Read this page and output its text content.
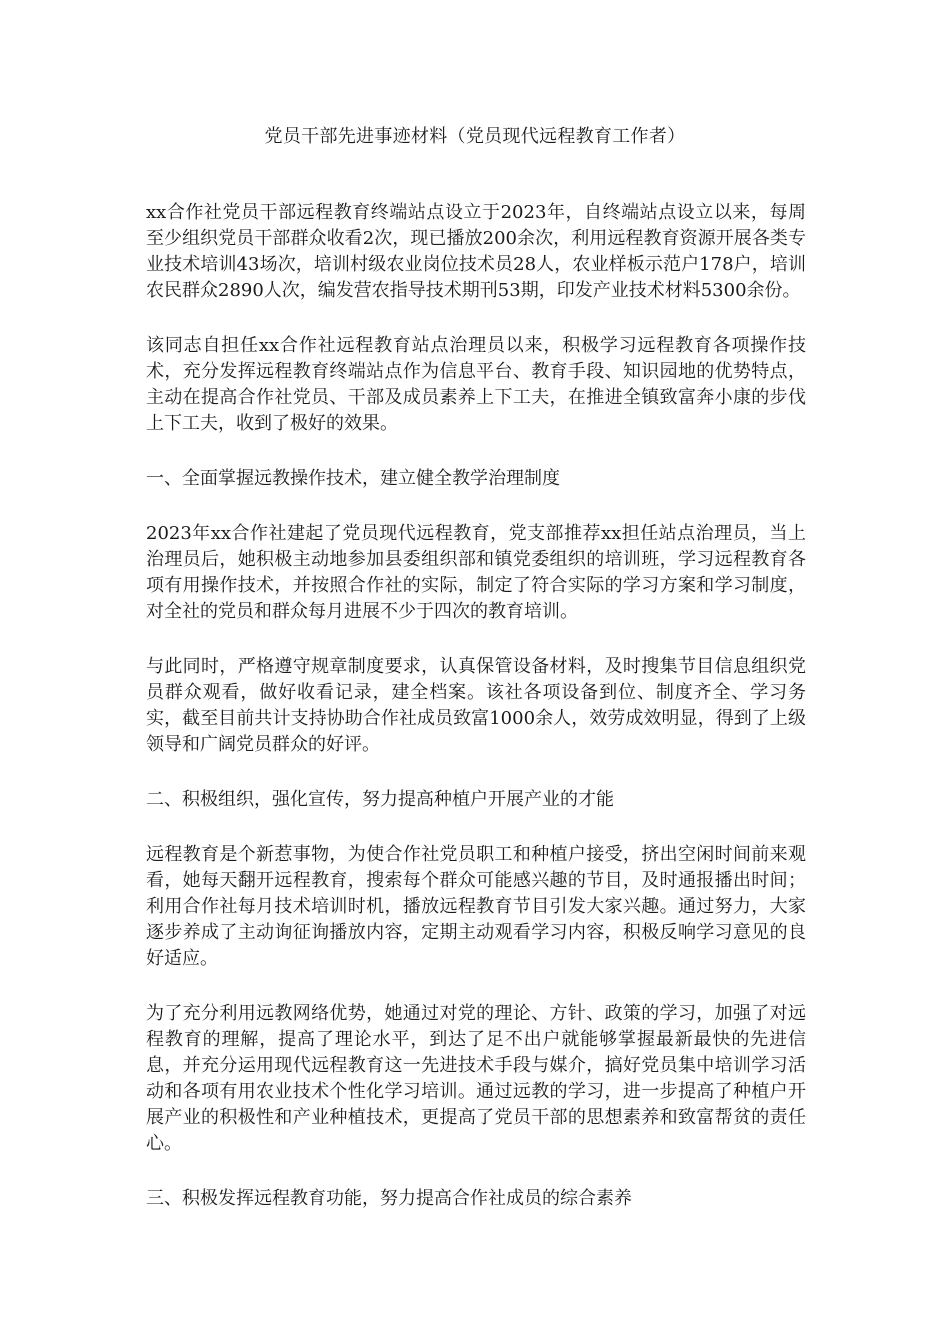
党员干部先进事迹材料（党员现代远程教育工作者）

xx合作社党员干部远程教育终端站点设立于2023年，自终端站点设立以来，每周至少组织党员干部群众收看2次，现已播放200余次，利用远程教育资源开展各类专业技术培训43场次，培训村级农业岗位技术员28人，农业样板示范户178户，培训农民群众2890人次，编发营农指导技术期刊53期，印发产业技术材料5300余份。

该同志自担任xx合作社远程教育站点治理员以来，积极学习远程教育各项操作技术，充分发挥远程教育终端站点作为信息平台、教育手段、知识园地的优势特点，主动在提高合作社党员、干部及成员素养上下工夫，在推进全镇致富奔小康的步伐上下工夫，收到了极好的效果。

一、全面掌握远教操作技术，建立健全教学治理制度

2023年xx合作社建起了党员现代远程教育，党支部推荐xx担任站点治理员，当上治理员后，她积极主动地参加县委组织部和镇党委组织的培训班，学习远程教育各项有用操作技术，并按照合作社的实际，制定了符合实际的学习方案和学习制度，对全社的党员和群众每月进展不少于四次的教育培训。

与此同时，严格遵守规章制度要求，认真保管设备材料，及时搜集节目信息组织党员群众观看，做好收看记录，建全档案。该社各项设备到位、制度齐全、学习务实，截至目前共计支持协助合作社成员致富1000余人，效劳成效明显，得到了上级领导和广阔党员群众的好评。

二、积极组织，强化宣传，努力提高种植户开展产业的才能

远程教育是个新惹事物，为使合作社党员职工和种植户接受，挤出空闲时间前来观看，她每天翻开远程教育，搜索每个群众可能感兴趣的节目，及时通报播出时间；利用合作社每月技术培训时机，播放远程教育节目引发大家兴趣。通过努力，大家逐步养成了主动询征询播放内容，定期主动观看学习内容，积极反响学习意见的良好适应。

为了充分利用远教网络优势，她通过对党的理论、方针、政策的学习，加强了对远程教育的理解，提高了理论水平，到达了足不出户就能够掌握最新最快的先进信息，并充分运用现代远程教育这一先进技术手段与媒介，搞好党员集中培训学习活动和各项有用农业技术个性化学习培训。通过远教的学习，进一步提高了种植户开展产业的积极性和产业种植技术，更提高了党员干部的思想素养和致富帮贫的责任心。

三、积极发挥远程教育功能，努力提高合作社成员的综合素养
